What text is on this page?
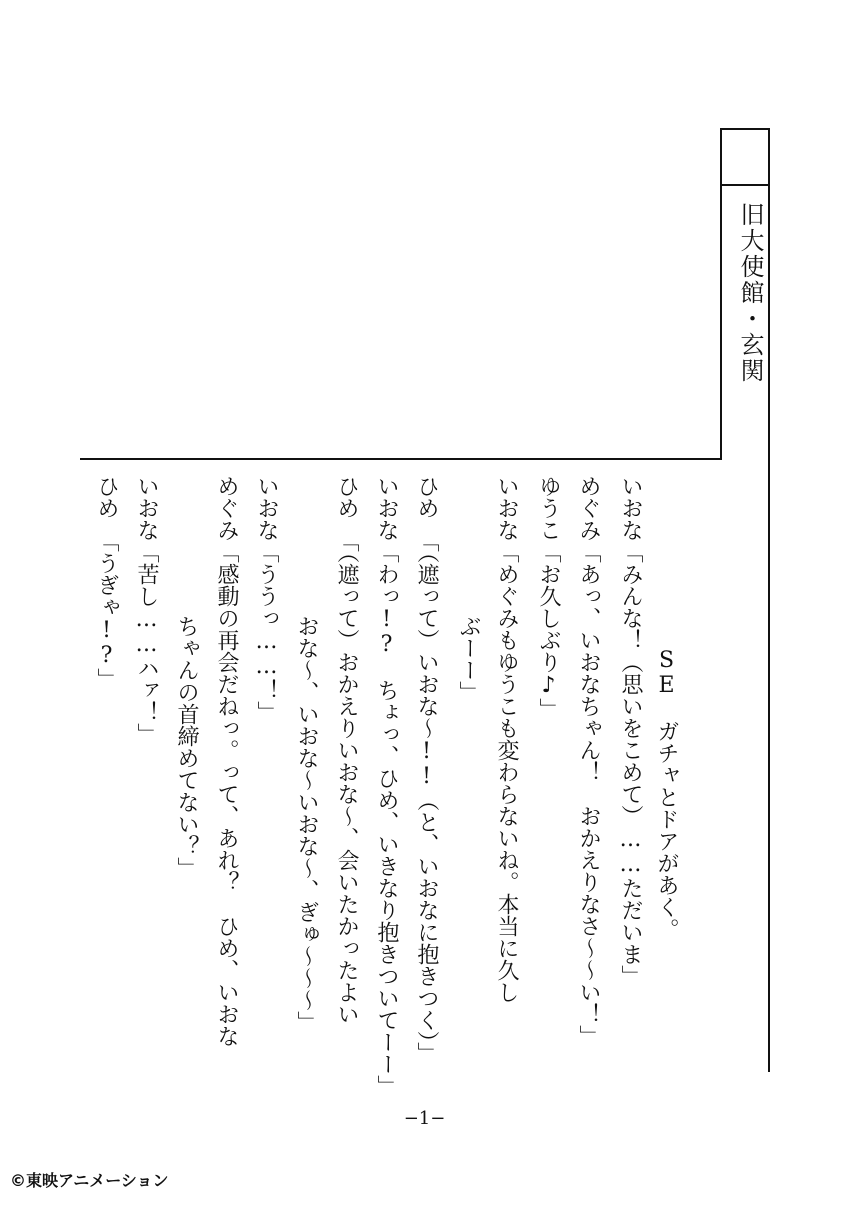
旧大使館・玄関
SE　ガチャとドアがあく。
いおな「みんな！（思いをこめて）……ただいま」
めぐみ「あっ、いおなちゃん！　おかえりなさ〜〜い！」
ゆうこ「お久しぶり♪」
いおな「めぐみもゆうこも変わらないね。本当に久し
ぶーー」
ひめ　「（遮って）いおな〜!!（と、いおなに抱きつく）」
いおな「わっ!?　ちょっ、ひめ、いきなり抱きついてーー」
ひめ　「（遮って）おかえりいおな〜、会いたかったよい
おな〜、いおな〜いおな〜、ぎゅ〜〜〜」
いおな「ううっ……！」
めぐみ「感動の再会だねっ。って、あれ？　ひめ、いおな
ちゃんの首締めてない？」
いおな「苦し……ハァ！」
ひめ　「うぎゃ!?」
−1−
©東映アニメーション
